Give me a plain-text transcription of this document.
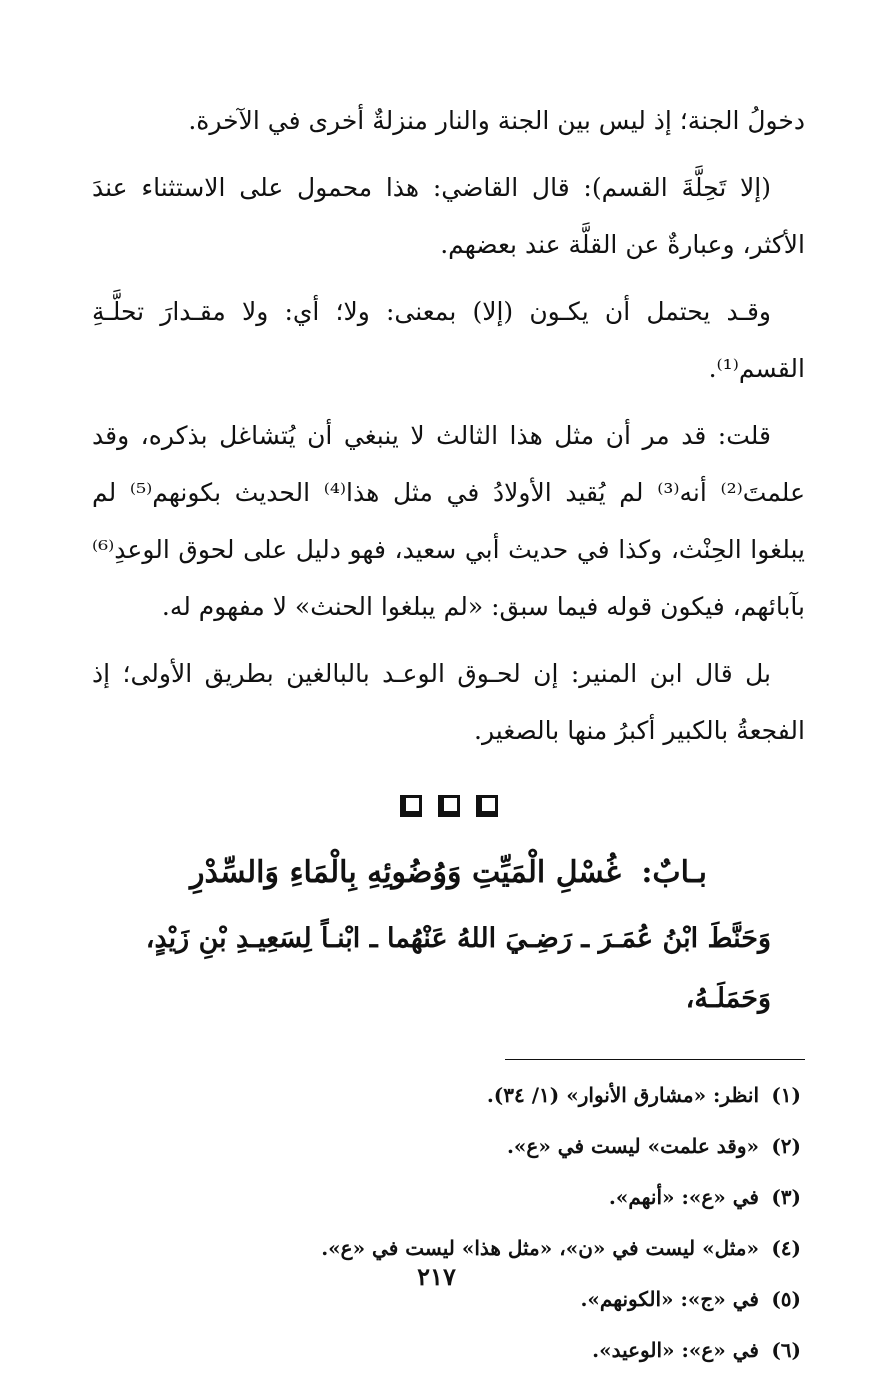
دخولُ الجنة؛ إذ ليس بين الجنة والنار منزلةٌ أخرى في الآخرة.

(إلا تَحِلَّةَ القسم): قال القاضي: هذا محمول على الاستثناء عندَ الأكثر، وعبارةٌ عن القلَّة عند بعضهم.

وقـد يحتمل أن يكـون (إلا) بمعنى: ولا؛ أي: ولا مقـدارَ تحلَّـةِ القسم⁽¹⁾.

قلت: قد مر أن مثل هذا الثالث لا ينبغي أن يُتشاغل بذكره، وقد علمتَ⁽²⁾ أنه⁽³⁾ لم يُقيد الأولادُ في مثل هذا⁽⁴⁾ الحديث بكونهم⁽⁵⁾ لم يبلغوا الحِنْث، وكذا في حديث أبي سعيد، فهو دليل على لحوق الوعدِ⁽⁶⁾ بآبائهم، فيكون قوله فيما سبق: «لم يبلغوا الحنث» لا مفهوم له.

بل قال ابن المنير: إن لحـوق الوعـد بالبالغين بطريق الأولى؛ إذ الفجعةُ بالكبير أكبرُ منها بالصغير.

بـابٌ: غُسْلِ الْمَيِّتِ وَوُضُوئِهِ بِالْمَاءِ وَالسِّدْرِ

وَحَنَّطَ ابْنُ عُمَـرَ ـ رَضِـيَ اللهُ عَنْهُما ـ ابْنـاً لِسَعِيـدِ بْنِ زَيْدٍ، وَحَمَلَـهُ،

(١)
انظر: «مشارق الأنوار» (١/ ٣٤).
(٢)
«وقد علمت» ليست في «ع».
(٣)
في «ع»: «أنهم».
(٤)
«مثل» ليست في «ن»، «مثل هذا» ليست في «ع».
(٥)
في «ج»: «الكونهم».
(٦)
في «ع»: «الوعيد».
٢١٧
